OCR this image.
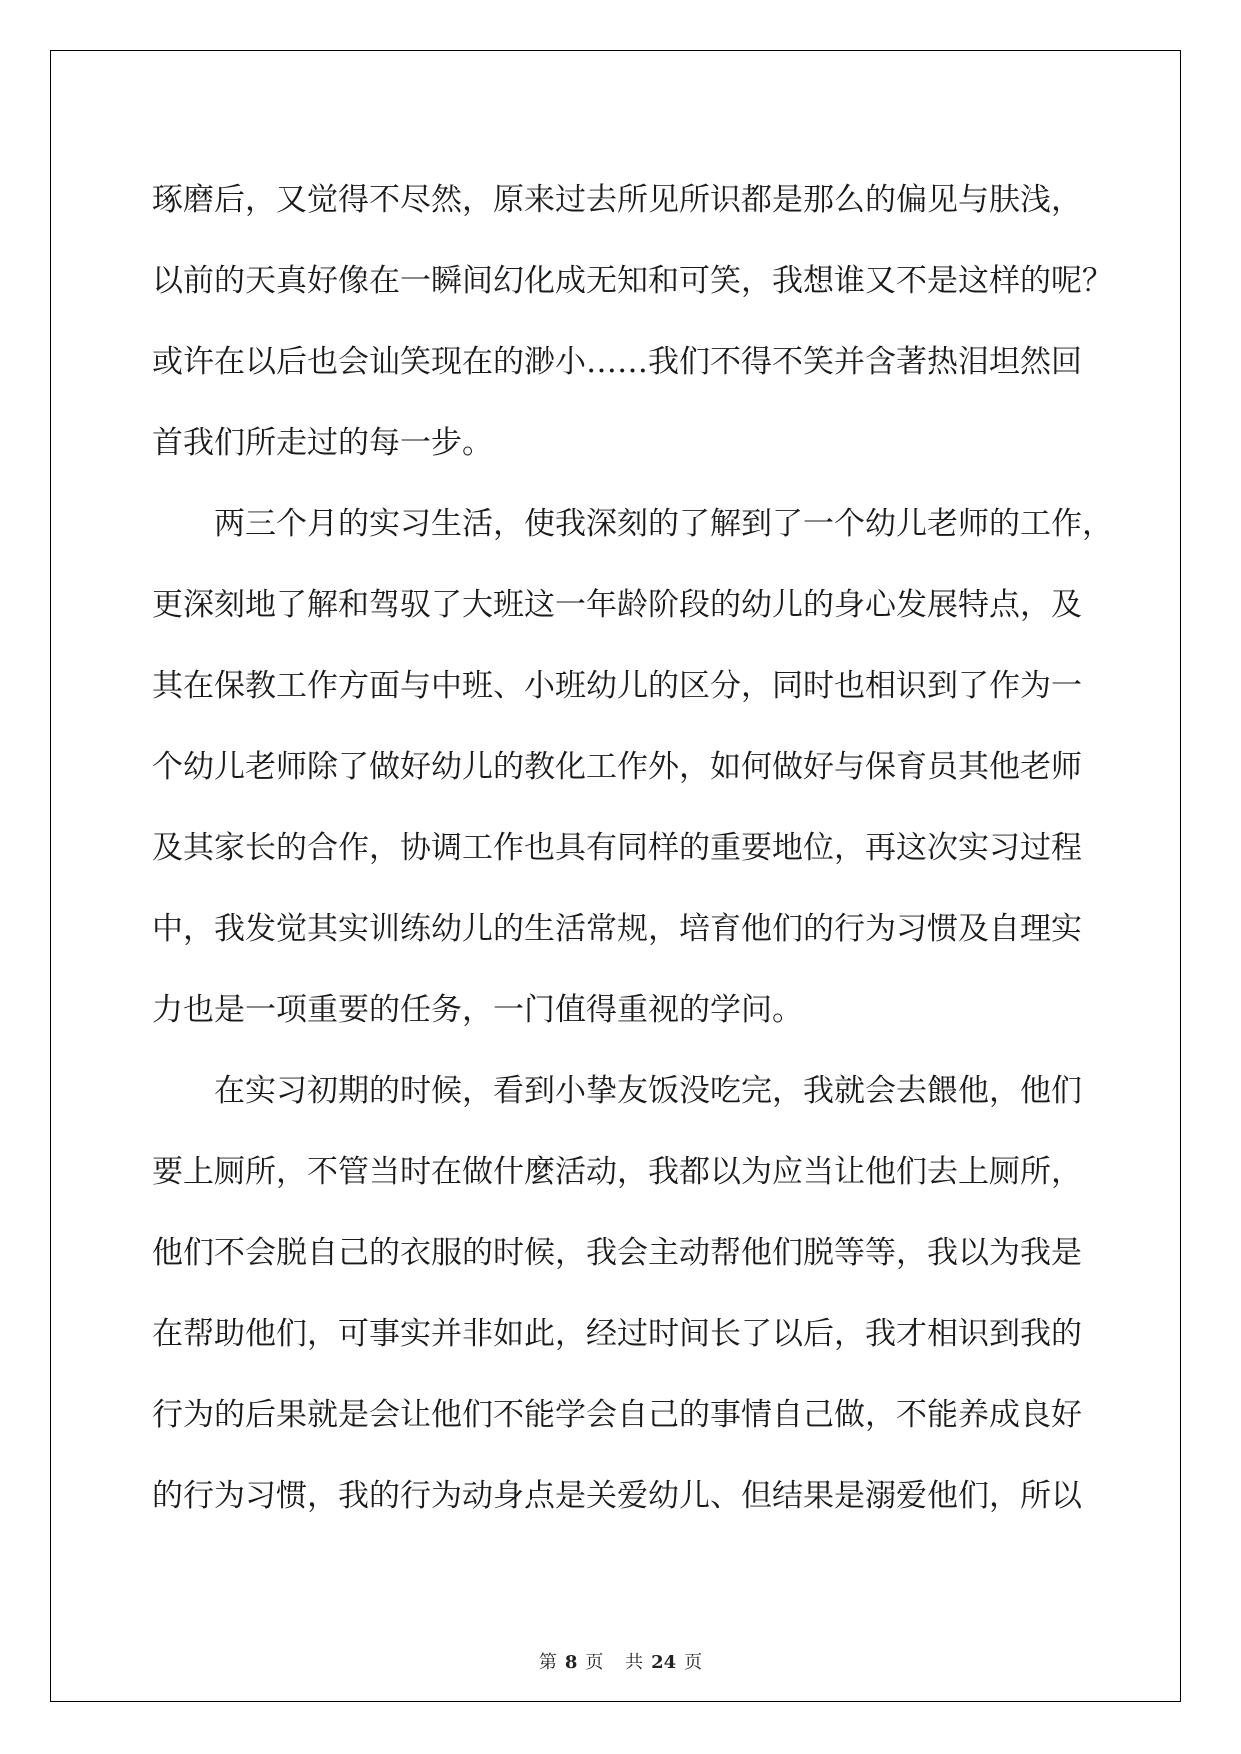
琢磨后，又觉得不尽然，原来过去所见所识都是那么的偏见与肤浅，

以前的天真好像在一瞬间幻化成无知和可笑，我想谁又不是这样的呢？

或许在以后也会讪笑现在的渺小……我们不得不笑并含著热泪坦然回

首我们所走过的每一步。

两三个月的实习生活，使我深刻的了解到了一个幼儿老师的工作，

更深刻地了解和驾驭了大班这一年龄阶段的幼儿的身心发展特点，及

其在保教工作方面与中班、小班幼儿的区分，同时也相识到了作为一

个幼儿老师除了做好幼儿的教化工作外，如何做好与保育员其他老师

及其家长的合作，协调工作也具有同样的重要地位，再这次实习过程

中，我发觉其实训练幼儿的生活常规，培育他们的行为习惯及自理实

力也是一项重要的任务，一门值得重视的学问。

在实习初期的时候，看到小挚友饭没吃完，我就会去餵他，他们

要上厕所，不管当时在做什麼活动，我都以为应当让他们去上厕所，

他们不会脱自己的衣服的时候，我会主动帮他们脱等等，我以为我是

在帮助他们，可事实并非如此，经过时间长了以后，我才相识到我的

行为的后果就是会让他们不能学会自己的事情自己做，不能养成良好

的行为习惯，我的行为动身点是关爱幼儿、但结果是溺爱他们，所以

第 8 页 共 24 页
